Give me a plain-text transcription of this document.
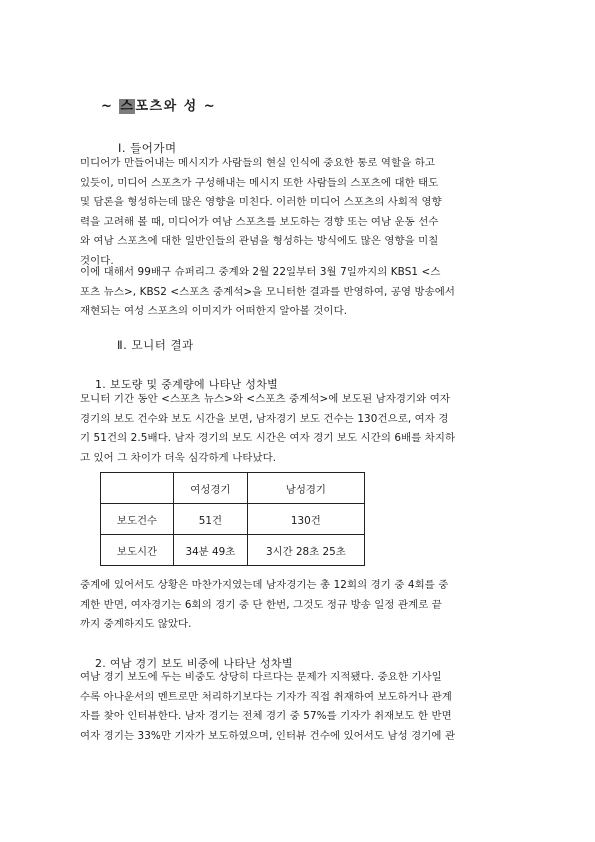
~ 스포츠와 성 ~
Ⅰ. 들어가며

미디어가 만들어내는 메시지가 사람들의 현실 인식에 중요한 통로 역할을 하고
있듯이, 미디어 스포츠가 구성해내는 메시지 또한 사람들의 스포츠에 대한 태도
및 담론을 형성하는데 많은 영향을 미친다. 이러한 미디어 스포츠의 사회적 영향
력을 고려해 볼 때, 미디어가 여남 스포츠를 보도하는 경향 또는 여남 운동 선수
와 여남 스포츠에 대한 일반인들의 관념을 형성하는 방식에도 많은 영향을 미칠
것이다.

이에 대해서 99배구 슈퍼리그 중계와 2월 22일부터 3월 7일까지의 KBS1 <스
포츠 뉴스>, KBS2 <스포츠 중계석>을 모니터한 결과를 반영하여, 공영 방송에서
재현되는 여성 스포츠의 이미지가 어떠한지 알아볼 것이다.

Ⅱ. 모니터 결과
1. 보도량 및 중계량에 나타난 성차별

모니터 기간 동안 <스포츠 뉴스>와 <스포츠 중계석>에 보도된 남자경기와 여자
경기의 보도 건수와 보도 시간을 보면, 남자경기 보도 건수는 130건으로, 여자 경
기 51건의 2.5배다. 남자 경기의 보도 시간은 여자 경기 보도 시간의 6배를 차지하
고 있어 그 차이가 더욱 심각하게 나타났다.

	여성경기	남성경기
보도건수	51건	130건
보도시간	34분 49초	3시간 28초 25초

중계에 있어서도 상황은 마찬가지였는데 남자경기는 총 12회의 경기 중 4회를 중
계한 반면, 여자경기는 6회의 경기 중 단 한번, 그것도 정규 방송 일정 관계로 끝
까지 중계하지도 않았다.

2. 여남 경기 보도 비중에 나타난 성차별

여남 경기 보도에 두는 비중도 상당히 다르다는 문제가 지적됐다. 중요한 기사일
수록 아나운서의 멘트로만 처리하기보다는 기자가 직접 취재하여 보도하거나 관계
자를 찾아 인터뷰한다. 남자 경기는 전체 경기 중 57%를 기자가 취재보도 한 반면
여자 경기는 33%만 기자가 보도하였으며, 인터뷰 건수에 있어서도 남성 경기에 관
